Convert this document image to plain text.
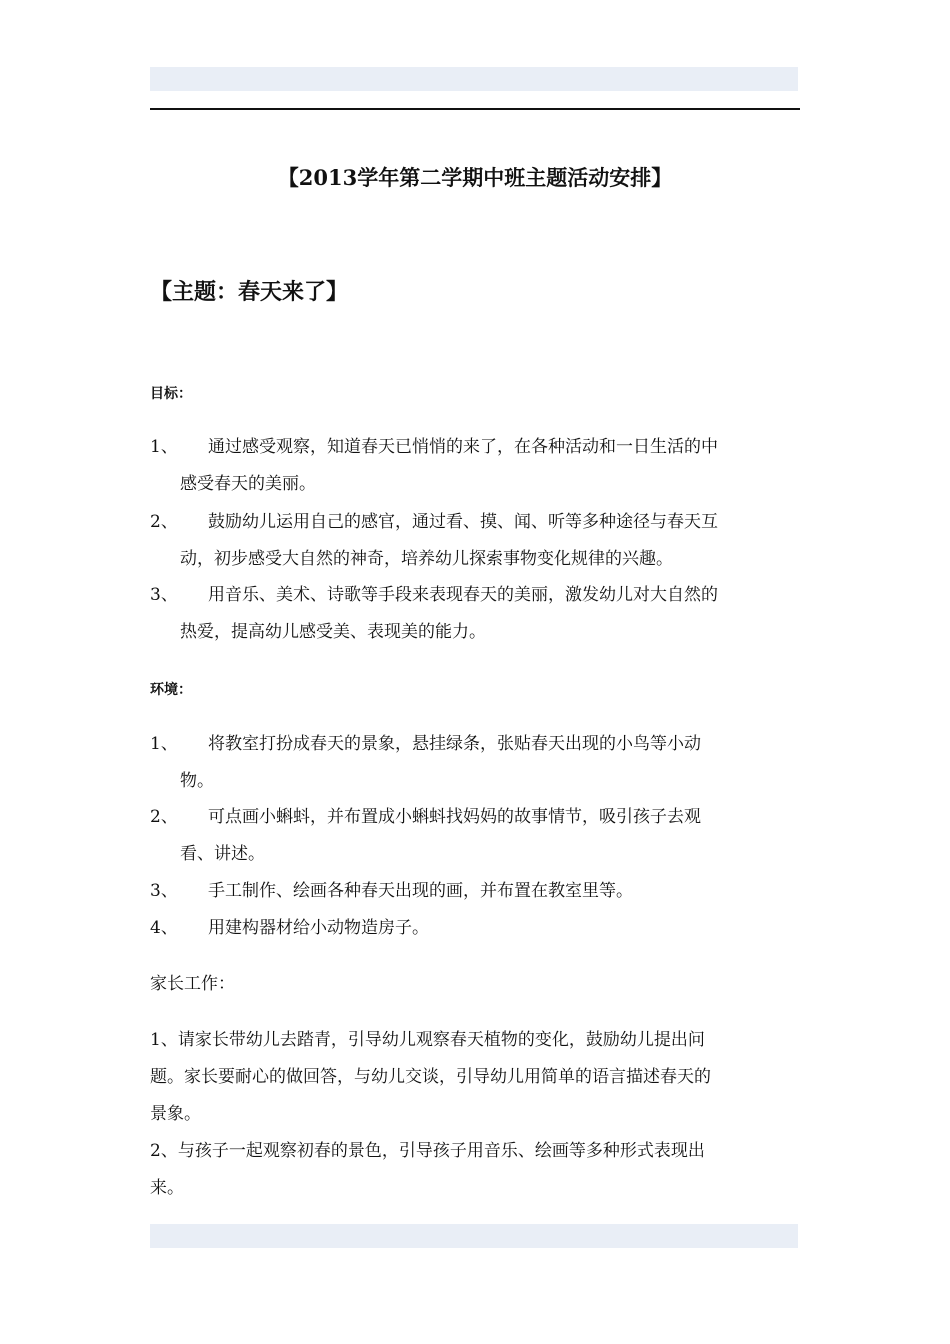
【2013学年第二学期中班主题活动安排】
【主题：春天来了】
目标：
1、	通过感受观察，知道春天已悄悄的来了，在各种活动和一日生活的中
感受春天的美丽。
2、	鼓励幼儿运用自己的感官，通过看、摸、闻、听等多种途径与春天互
动，初步感受大自然的神奇，培养幼儿探索事物变化规律的兴趣。
3、	用音乐、美术、诗歌等手段来表现春天的美丽，激发幼儿对大自然的
热爱，提高幼儿感受美、表现美的能力。
环境：
1、	将教室打扮成春天的景象，悬挂绿条，张贴春天出现的小鸟等小动
物。
2、	可点画小蝌蚪，并布置成小蝌蚪找妈妈的故事情节，吸引孩子去观
看、讲述。
3、	手工制作、绘画各种春天出现的画，并布置在教室里等。
4、	用建构器材给小动物造房子。
家长工作：
1、请家长带幼儿去踏青，引导幼儿观察春天植物的变化，鼓励幼儿提出问
题。家长要耐心的做回答，与幼儿交谈，引导幼儿用简单的语言描述春天的
景象。
2、与孩子一起观察初春的景色，引导孩子用音乐、绘画等多种形式表现出
来。
